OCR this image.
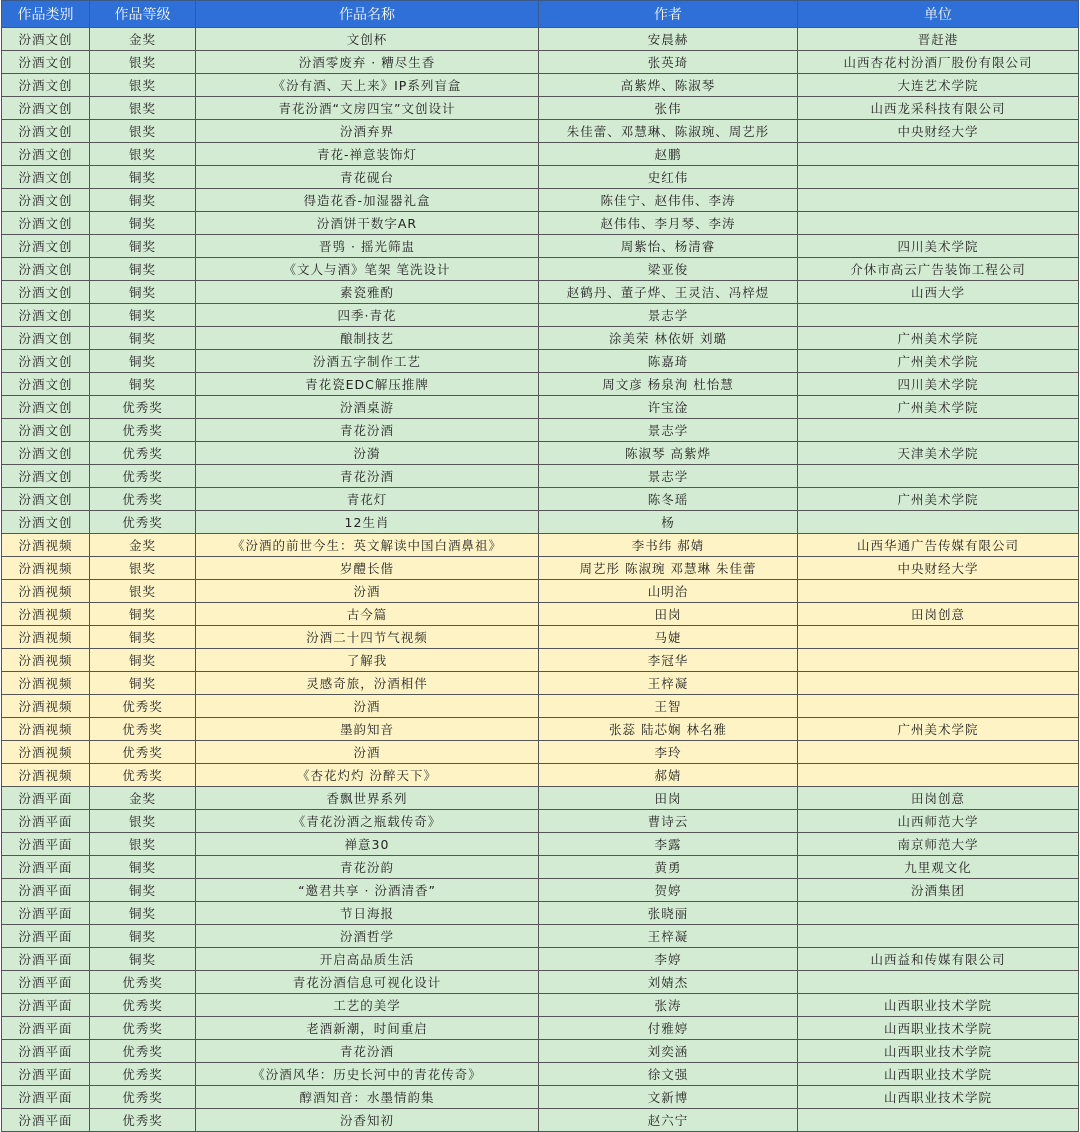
作品类别	作品等级	作品名称	作者	单位
汾酒文创	金奖	文创杯	安晨赫	晋赶港
汾酒文创	银奖	汾酒零废弃 · 糟尽生香	张英琦	山西杏花村汾酒厂股份有限公司
汾酒文创	银奖	《汾有酒、天上来》IP系列盲盒	高紫烨、陈淑琴	大连艺术学院
汾酒文创	银奖	青花汾酒“文房四宝”文创设计	张伟	山西龙采科技有限公司
汾酒文创	银奖	汾酒弃界	朱佳蕾、邓慧琳、陈淑琬、周艺彤	中央财经大学
汾酒文创	银奖	青花-禅意装饰灯	赵鹏	
汾酒文创	铜奖	青花砚台	史红伟	
汾酒文创	铜奖	得造花香-加湿器礼盒	陈佳宁、赵伟伟、李涛	
汾酒文创	铜奖	汾酒饼干数字AR	赵伟伟、李月琴、李涛	
汾酒文创	铜奖	晋鸮 · 摇光筛盅	周紫怡、杨清睿	四川美术学院
汾酒文创	铜奖	《文人与酒》笔架 笔洗设计	梁亚俊	介休市高云广告装饰工程公司
汾酒文创	铜奖	素瓷雅酌	赵鹤丹、董子烨、王灵洁、冯梓煜	山西大学
汾酒文创	铜奖	四季·青花	景志学	
汾酒文创	铜奖	酿制技艺	涂美荣 林依妍 刘璐	广州美术学院
汾酒文创	铜奖	汾酒五字制作工艺	陈嘉琦	广州美术学院
汾酒文创	铜奖	青花瓷EDC解压推牌	周文彦 杨泉洵 杜怡慧	四川美术学院
汾酒文创	优秀奖	汾酒桌游	许宝淦	广州美术学院
汾酒文创	优秀奖	青花汾酒	景志学	
汾酒文创	优秀奖	汾漪	陈淑琴 高紫烨	天津美术学院
汾酒文创	优秀奖	青花汾酒	景志学	
汾酒文创	优秀奖	青花灯	陈冬瑶	广州美术学院
汾酒文创	优秀奖	12生肖	杨	
汾酒视频	金奖	《汾酒的前世今生：英文解读中国白酒鼻祖》	李书纬 郝婧	山西华通广告传媒有限公司
汾酒视频	银奖	岁醴长偕	周艺彤 陈淑琬 邓慧琳 朱佳蕾	中央财经大学
汾酒视频	银奖	汾酒	山明治	
汾酒视频	铜奖	古今篇	田岗	田岗创意
汾酒视频	铜奖	汾酒二十四节气视频	马婕	
汾酒视频	铜奖	了解我	李冠华	
汾酒视频	铜奖	灵感奇旅，汾酒相伴	王梓凝	
汾酒视频	优秀奖	汾酒	王智	
汾酒视频	优秀奖	墨韵知音	张蕊 陆芯娴 林名雅	广州美术学院
汾酒视频	优秀奖	汾酒	李玲	
汾酒视频	优秀奖	《杏花灼灼 汾醉天下》	郝婧	
汾酒平面	金奖	香飘世界系列	田岗	田岗创意
汾酒平面	银奖	《青花汾酒之瓶载传奇》	曹诗云	山西师范大学
汾酒平面	银奖	禅意30	李露	南京师范大学
汾酒平面	铜奖	青花汾韵	黄勇	九里观文化
汾酒平面	铜奖	“邀君共享 · 汾酒清香”	贺婷	汾酒集团
汾酒平面	铜奖	节日海报	张晓丽	
汾酒平面	铜奖	汾酒哲学	王梓凝	
汾酒平面	铜奖	开启高品质生活	李婷	山西益和传媒有限公司
汾酒平面	优秀奖	青花汾酒信息可视化设计	刘婧杰	
汾酒平面	优秀奖	工艺的美学	张涛	山西职业技术学院
汾酒平面	优秀奖	老酒新潮，时间重启	付雅婷	山西职业技术学院
汾酒平面	优秀奖	青花汾酒	刘奕涵	山西职业技术学院
汾酒平面	优秀奖	《汾酒风华：历史长河中的青花传奇》	徐文强	山西职业技术学院
汾酒平面	优秀奖	醇酒知音：水墨情韵集	文新博	山西职业技术学院
汾酒平面	优秀奖	汾香知初	赵六宁	
